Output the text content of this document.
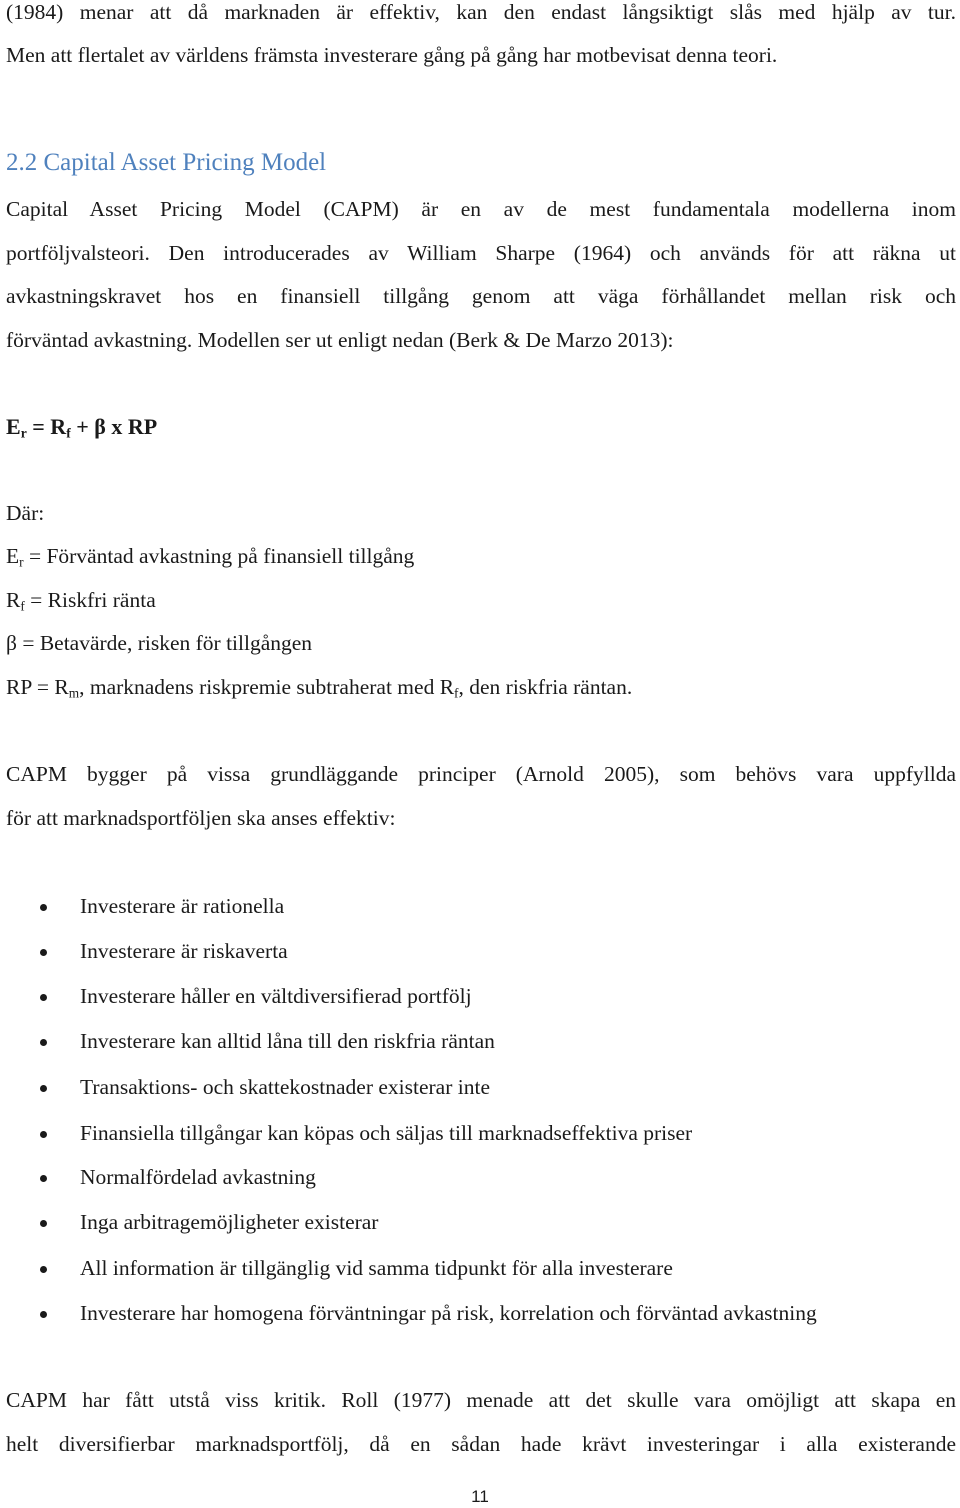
(1984) menar att då marknaden är effektiv, kan den endast långsiktigt slås med hjälp av tur.
Men att flertalet av världens främsta investerare gång på gång har motbevisat denna teori.
2.2 Capital Asset Pricing Model
Capital Asset Pricing Model (CAPM) är en av de mest fundamentala modellerna inom
portföljvalsteori. Den introducerades av William Sharpe (1964) och används för att räkna ut
avkastningskravet hos en finansiell tillgång genom att väga förhållandet mellan risk och
förväntad avkastning. Modellen ser ut enligt nedan (Berk & De Marzo 2013):
$E_r = R_f + \beta$ x RP
Där:
$E_r$ = Förväntad avkastning på finansiell tillgång
$R_f$ = Riskfri ränta
β = Betavärde, risken för tillgången
RP = $R_m$, marknadens riskpremie subtraherat med $R_f$, den riskfria räntan.
CAPM bygger på vissa grundläggande principer (Arnold 2005), som behövs vara uppfyllda
för att marknadsportföljen ska anses effektiv:
Investerare är rationella
Investerare är riskaverta
Investerare håller en vältdiversifierad portfölj
Investerare kan alltid låna till den riskfria räntan
Transaktions- och skattekostnader existerar inte
Finansiella tillgångar kan köpas och säljas till marknadseffektiva priser
Normalfördelad avkastning
Inga arbitragemöjligheter existerar
All information är tillgänglig vid samma tidpunkt för alla investerare
Investerare har homogena förväntningar på risk, korrelation och förväntad avkastning
CAPM har fått utstå viss kritik. Roll (1977) menade att det skulle vara omöjligt att skapa en
helt diversifierbar marknadsportfölj, då en sådan hade krävt investeringar i alla existerande
11
